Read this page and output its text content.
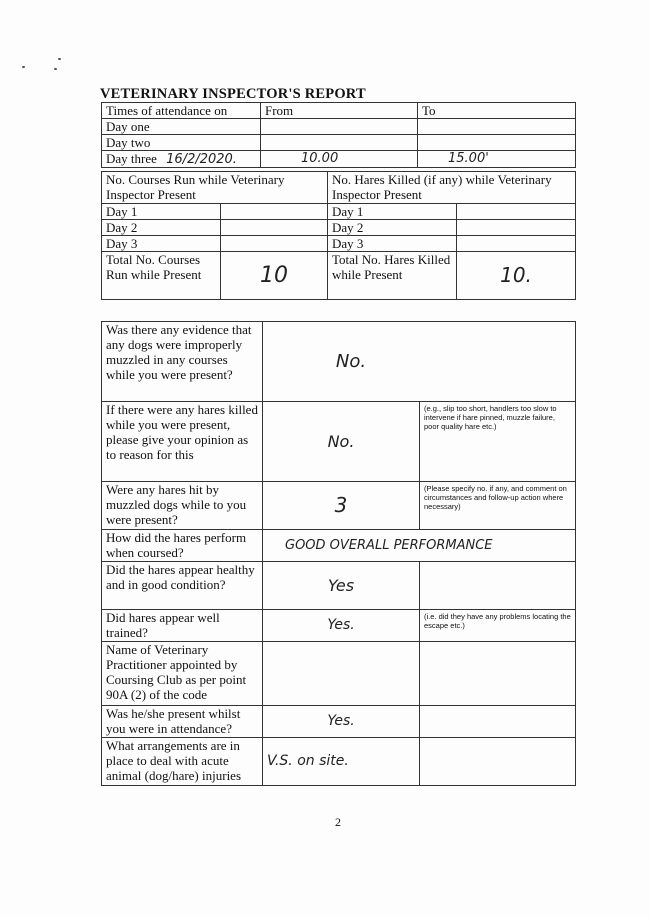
VETERINARY INSPECTOR'S REPORT
Times of attendance on	From	To
Day one		
Day two		
Day three 16/2/2020.	10.00	15.00'
No. Courses Run while Veterinary Inspector Present		No. Hares Killed (if any) while Veterinary Inspector Present	
Day 1		Day 1	
Day 2		Day 2	
Day 3		Day 3	
Total No. Courses Run while Present	10	Total No. Hares Killed while Present	10.
Was there any evidence that any dogs were improperly muzzled in any courses while you were present?	No.	
If there were any hares killed while you were present, please give your opinion as to reason for this	No.	(e.g., slip too short, handlers too slow to intervene if hare pinned, muzzle failure, poor quality hare etc.)
Were any hares hit by muzzled dogs while to you were present?	3	(Please specify no. if any, and comment on circumstances and follow-up action where necessary)
How did the hares perform when coursed?	GOOD OVERALL PERFORMANCE	
Did the hares appear healthy and in good condition?	Yes	
Did hares appear well trained?	Yes.	(i.e. did they have any problems locating the escape etc.)
Name of Veterinary Practitioner appointed by Coursing Club as per point 90A (2) of the code		
Was he/she present whilst you were in attendance?	Yes.	
What arrangements are in place to deal with acute animal (dog/hare) injuries	V.S. on site.	
2
